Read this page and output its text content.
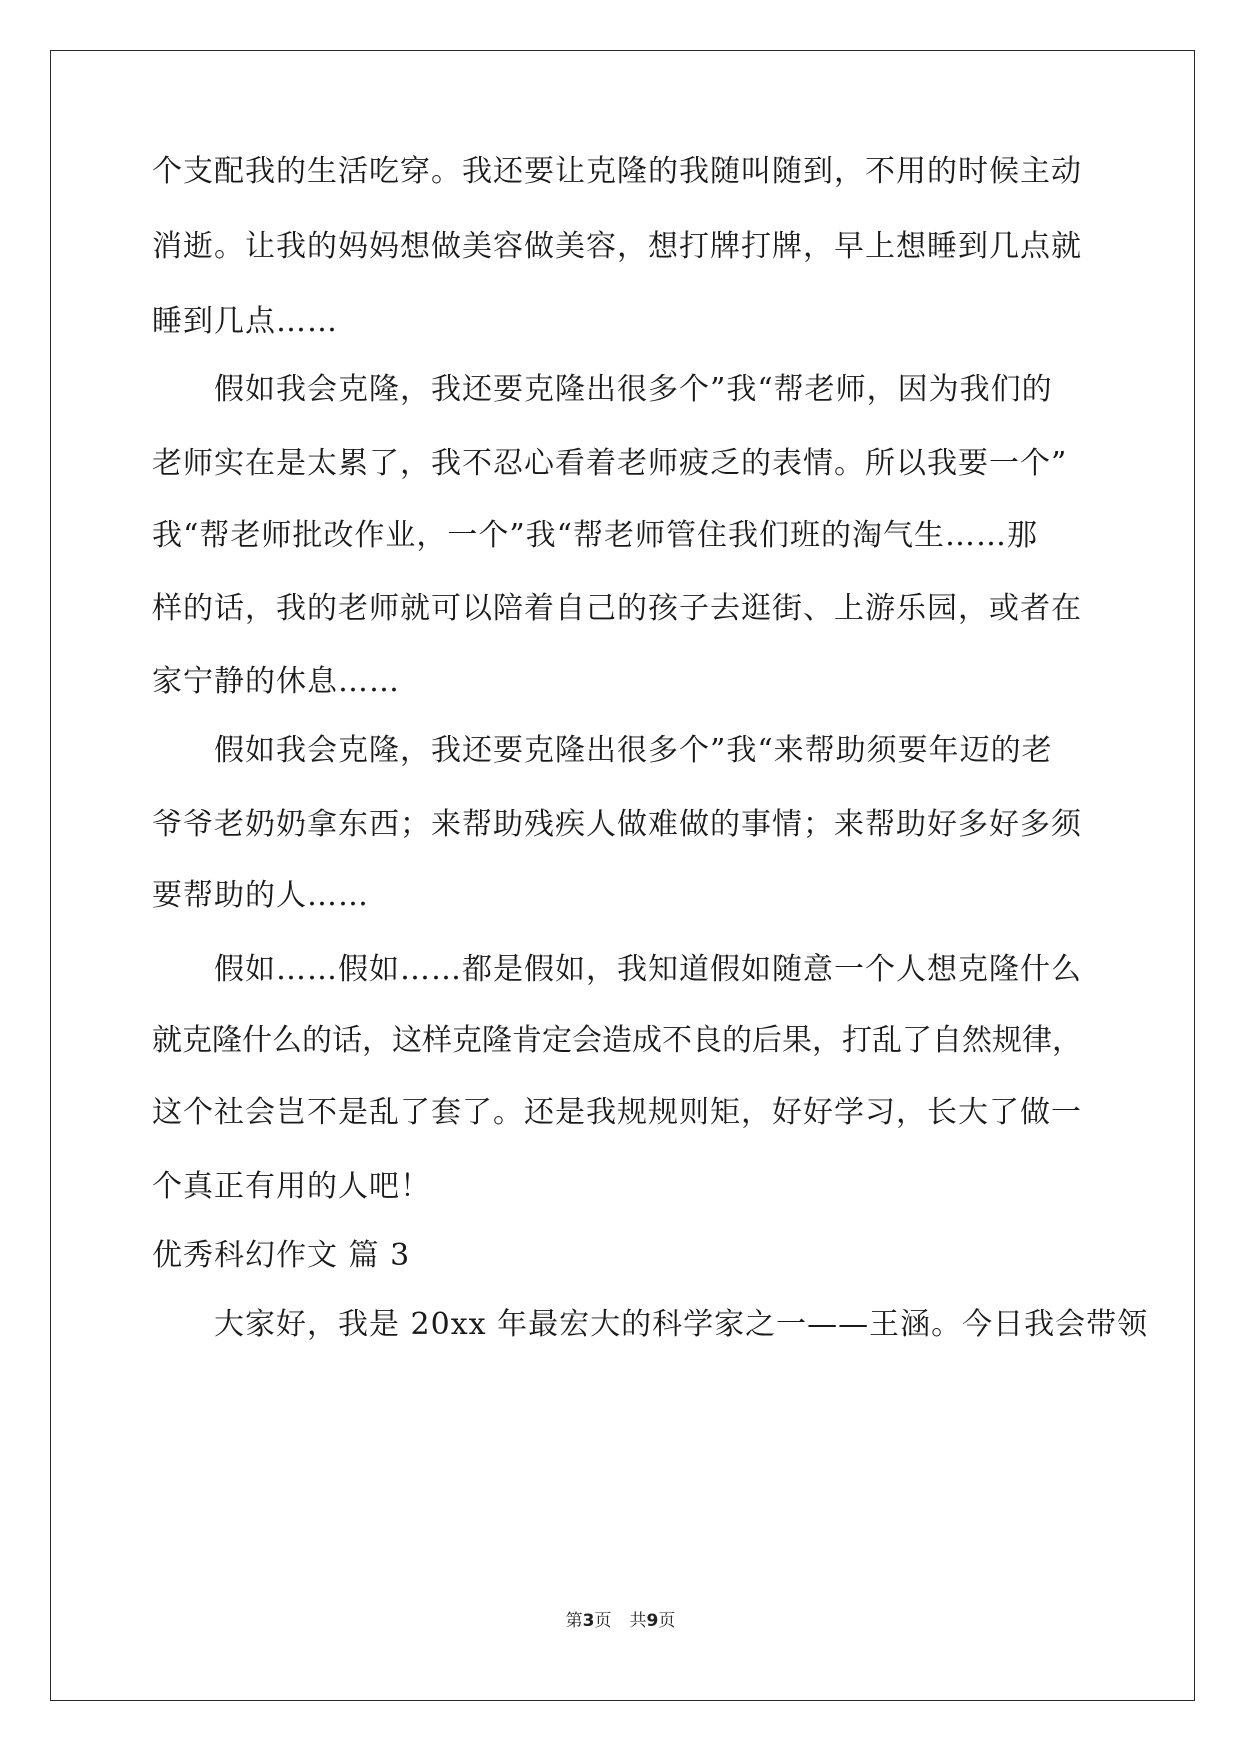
个支配我的生活吃穿。我还要让克隆的我随叫随到，不用的时候主动
消逝。让我的妈妈想做美容做美容，想打牌打牌，早上想睡到几点就
睡到几点……
　　假如我会克隆，我还要克隆出很多个”我“帮老师，因为我们的
老师实在是太累了，我不忍心看着老师疲乏的表情。所以我要一个”
我“帮老师批改作业，一个”我“帮老师管住我们班的淘气生……那
样的话，我的老师就可以陪着自己的孩子去逛街、上游乐园，或者在
家宁静的休息……
　　假如我会克隆，我还要克隆出很多个”我“来帮助须要年迈的老
爷爷老奶奶拿东西；来帮助残疾人做难做的事情；来帮助好多好多须
要帮助的人……
　　假如……假如……都是假如，我知道假如随意一个人想克隆什么
就克隆什么的话，这样克隆肯定会造成不良的后果，打乱了自然规律，
这个社会岂不是乱了套了。还是我规规则矩，好好学习，长大了做一
个真正有用的人吧！
优秀科幻作文 篇 3
　　大家好，我是 20xx 年最宏大的科学家之一——王涵。今日我会带领
第3页 共9页
